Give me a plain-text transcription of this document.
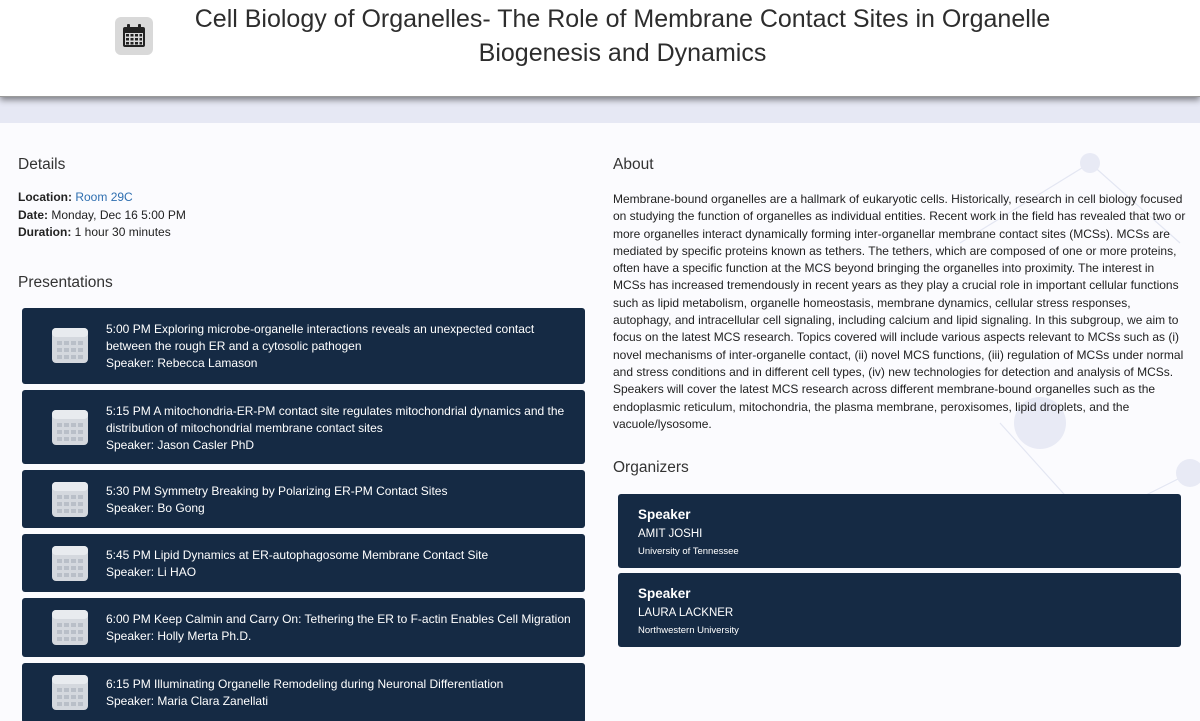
Cell Biology of Organelles- The Role of Membrane Contact Sites in Organelle Biogenesis and Dynamics
Details
Location: Room 29C
Date: Monday, Dec 16 5:00 PM
Duration: 1 hour 30 minutes
Presentations
5:00 PM Exploring microbe-organelle interactions reveals an unexpected contact between the rough ER and a cytosolic pathogen
Speaker: Rebecca Lamason
5:15 PM A mitochondria-ER-PM contact site regulates mitochondrial dynamics and the distribution of mitochondrial membrane contact sites
Speaker: Jason Casler PhD
5:30 PM Symmetry Breaking by Polarizing ER-PM Contact Sites
Speaker: Bo Gong
5:45 PM Lipid Dynamics at ER-autophagosome Membrane Contact Site
Speaker: Li HAO
6:00 PM Keep Calmin and Carry On: Tethering the ER to F-actin Enables Cell Migration
Speaker: Holly Merta Ph.D.
6:15 PM Illuminating Organelle Remodeling during Neuronal Differentiation
Speaker: Maria Clara Zanellati
About
Membrane-bound organelles are a hallmark of eukaryotic cells. Historically, research in cell biology focused on studying the function of organelles as individual entities. Recent work in the field has revealed that two or more organelles interact dynamically forming inter-organellar membrane contact sites (MCSs). MCSs are mediated by specific proteins known as tethers. The tethers, which are composed of one or more proteins, often have a specific function at the MCS beyond bringing the organelles into proximity. The interest in MCSs has increased tremendously in recent years as they play a crucial role in important cellular functions such as lipid metabolism, organelle homeostasis, membrane dynamics, cellular stress responses, autophagy, and intracellular cell signaling, including calcium and lipid signaling. In this subgroup, we aim to focus on the latest MCS research. Topics covered will include various aspects relevant to MCSs such as (i) novel mechanisms of inter-organelle contact, (ii) novel MCS functions, (iii) regulation of MCSs under normal and stress conditions and in different cell types, (iv) new technologies for detection and analysis of MCSs. Speakers will cover the latest MCS research across different membrane-bound organelles such as the endoplasmic reticulum, mitochondria, the plasma membrane, peroxisomes, lipid droplets, and the vacuole/lysosome.
Organizers
Speaker
AMIT JOSHI
University of Tennessee
Speaker
LAURA LACKNER
Northwestern University
